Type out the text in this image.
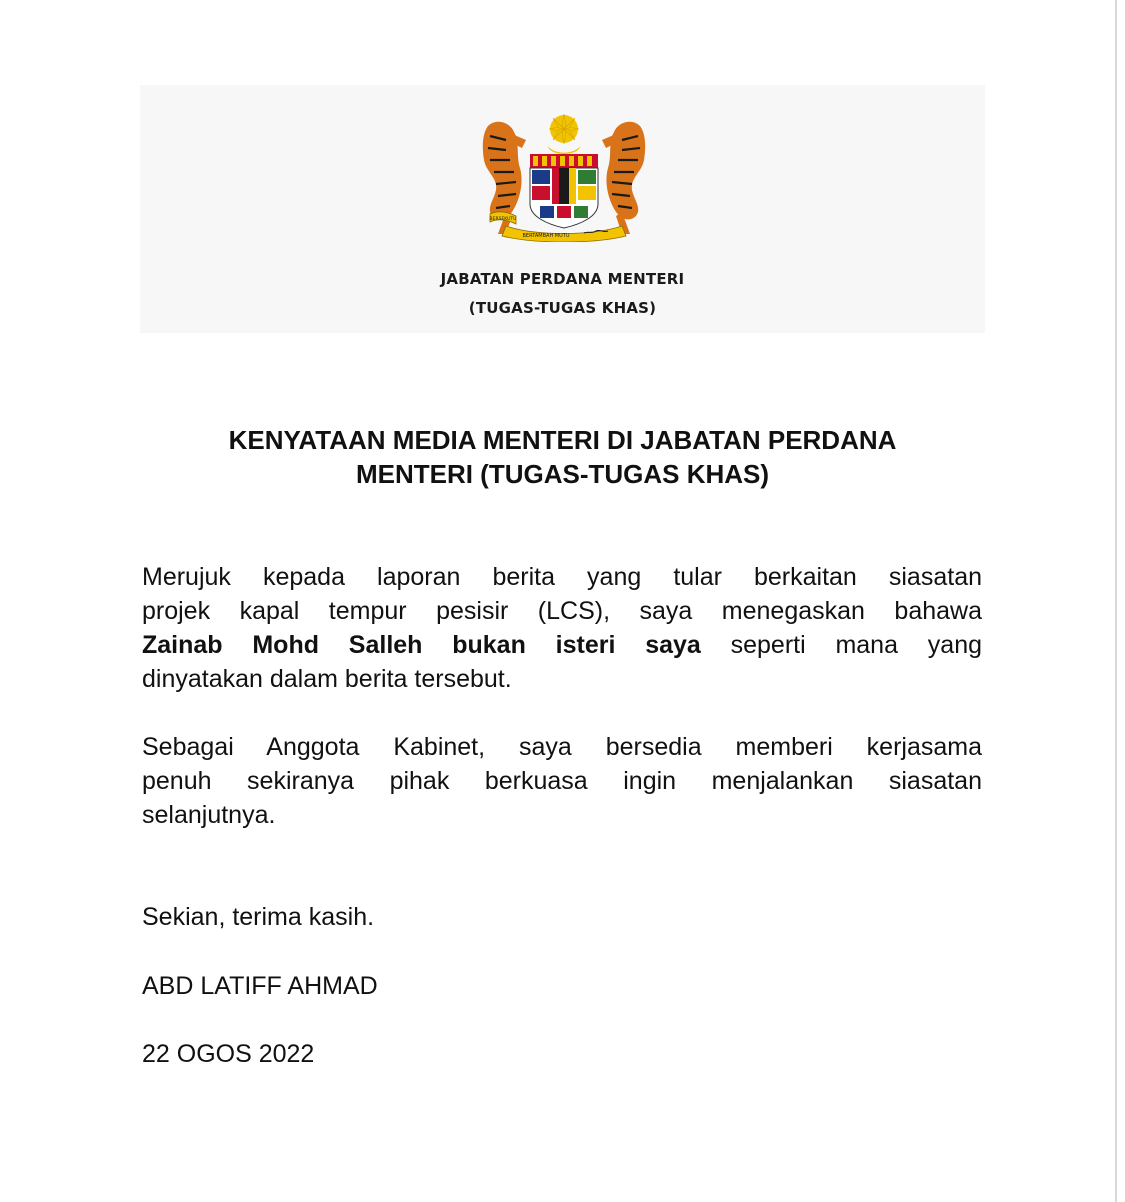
BERSEKUTU
BERTAMBAH MUTU
JABATAN PERDANA MENTERI
(TUGAS-TUGAS KHAS)
KENYATAAN MEDIA MENTERI DI JABATAN PERDANA
MENTERI (TUGAS-TUGAS KHAS)
Merujuk kepada laporan berita yang tular berkaitan siasatan
projek kapal tempur pesisir (LCS), saya menegaskan bahawa
Zainab Mohd Salleh bukan isteri saya seperti mana yang
dinyatakan dalam berita tersebut.
Sebagai Anggota Kabinet, saya bersedia memberi kerjasama
penuh sekiranya pihak berkuasa ingin menjalankan siasatan
selanjutnya.
Sekian, terima kasih.
ABD LATIFF AHMAD
22 OGOS 2022
